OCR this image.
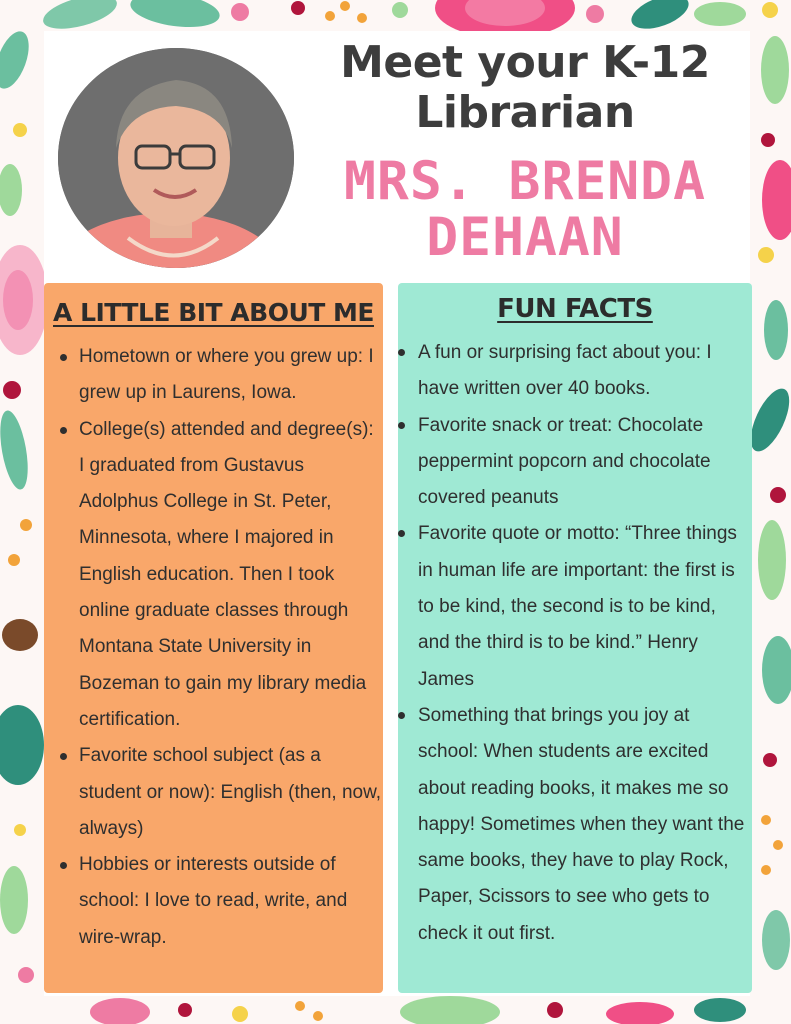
Meet your K-12
Librarian
MRS. BRENDA
DEHAAN
A LITTLE BIT ABOUT ME
Hometown or where you grew up: I grew up in Laurens, Iowa.
College(s) attended and degree(s): I graduated from Gustavus Adolphus College in St. Peter, Minnesota, where I majored in English education. Then I took online graduate classes through Montana State University in Bozeman to gain my library media certification.
Favorite school subject (as a student or now): English (then, now, always)
Hobbies or interests outside of school: I love to read, write, and wire-wrap.
FUN FACTS
A fun or surprising fact about you: I have written over 40 books.
Favorite snack or treat: Chocolate peppermint popcorn and chocolate covered peanuts
Favorite quote or motto: “Three things in human life are important: the first is to be kind, the second is to be kind, and the third is to be kind.” Henry James
Something that brings you joy at school: When students are excited about reading books, it makes me so happy! Sometimes when they want the same books, they have to play Rock, Paper, Scissors to see who gets to check it out first.
